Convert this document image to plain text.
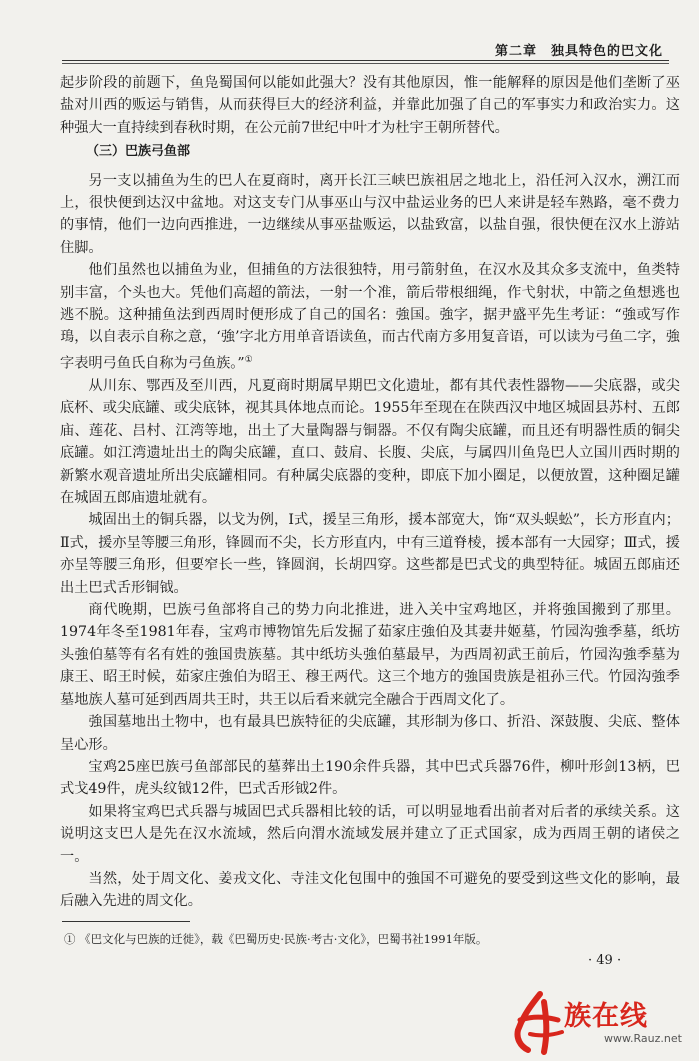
第二章　独具特色的巴文化

起步阶段的前题下，鱼凫蜀国何以能如此强大？没有其他原因，惟一能解释的原因是他们垄断了巫盐对川西的贩运与销售，从而获得巨大的经济利益，并靠此加强了自己的军事实力和政治实力。这种强大一直持续到春秋时期，在公元前7世纪中叶才为杜宇王朝所替代。

（三）巴族弓鱼部

另一支以捕鱼为生的巴人在夏商时，离开长江三峡巴族祖居之地北上，沿任河入汉水，溯江而上，很快便到达汉中盆地。对这支专门从事巫山与汉中盐运业务的巴人来讲是轻车熟路，毫不费力的事情，他们一边向西推进，一边继续从事巫盐贩运，以盐致富，以盐自强，很快便在汉水上游站住脚。

他们虽然也以捕鱼为业，但捕鱼的方法很独特，用弓箭射鱼，在汉水及其众多支流中，鱼类特别丰富，个头也大。凭他们高超的箭法，一射一个准，箭后带根细绳，作弋射状，中箭之鱼想逃也逃不脱。这种捕鱼法到西周时便形成了自己的国名：強国。強字，据尹盛平先生考证：“強或写作鳿，以自表示自称之意，‘強’字北方用单音语读鱼，而古代南方多用复音语，可以读为弓鱼二字，強字表明弓鱼氏自称为弓鱼族。”①

从川东、鄂西及至川西，凡夏商时期属早期巴文化遗址，都有其代表性器物——尖底器，或尖底杯、或尖底罐、或尖底钵，视其具体地点而论。1955年至现在在陕西汉中地区城固县苏村、五郎庙、莲花、吕村、江湾等地，出土了大量陶器与铜器。不仅有陶尖底罐，而且还有明器性质的铜尖底罐。如江湾遗址出土的陶尖底罐，直口、鼓肩、长腹、尖底，与属四川鱼凫巴人立国川西时期的新繁水观音遗址所出尖底罐相同。有种属尖底器的变种，即底下加小圈足，以便放置，这种圈足罐在城固五郎庙遗址就有。

城固出土的铜兵器，以戈为例，Ⅰ式，援呈三角形，援本部宽大，饰“双头蜈蚣”，长方形直内；Ⅱ式，援亦呈等腰三角形，锋圆而不尖，长方形直内，中有三道脊棱，援本部有一大园穿；Ⅲ式，援亦呈等腰三角形，但要窄长一些，锋圆润，长胡四穿。这些都是巴式戈的典型特征。城固五郎庙还出土巴式舌形铜钺。

商代晚期，巴族弓鱼部将自己的势力向北推进，进入关中宝鸡地区，并将強国搬到了那里。1974年冬至1981年春，宝鸡市博物馆先后发掘了茹家庄強伯及其妻井姬墓，竹园沟強季墓，纸坊头強伯墓等有名有姓的強国贵族墓。其中纸坊头強伯墓最早，为西周初武王前后，竹园沟強季墓为康王、昭王时候，茹家庄強伯为昭王、穆王两代。这三个地方的強国贵族是祖孙三代。竹园沟強季墓地族人墓可延到西周共王时，共王以后看来就完全融合于西周文化了。

強国墓地出土物中，也有最具巴族特征的尖底罐，其形制为侈口、折沿、深鼓腹、尖底、整体呈心形。

宝鸡25座巴族弓鱼部部民的墓葬出土190余件兵器，其中巴式兵器76件，柳叶形剑13柄，巴式戈49件，虎头纹钺12件，巴式舌形钺2件。

如果将宝鸡巴式兵器与城固巴式兵器相比较的话，可以明显地看出前者对后者的承续关系。这说明这支巴人是先在汉水流域，然后向渭水流域发展并建立了正式国家，成为西周王朝的诸侯之一。

当然，处于周文化、姜戎文化、寺洼文化包围中的強国不可避免的要受到这些文化的影响，最后融入先进的周文化。

① 《巴文化与巴族的迁徙》，载《巴蜀历史·民族·考古·文化》，巴蜀书社1991年版。
· 49 ·
族在线
www.Rauz.net
